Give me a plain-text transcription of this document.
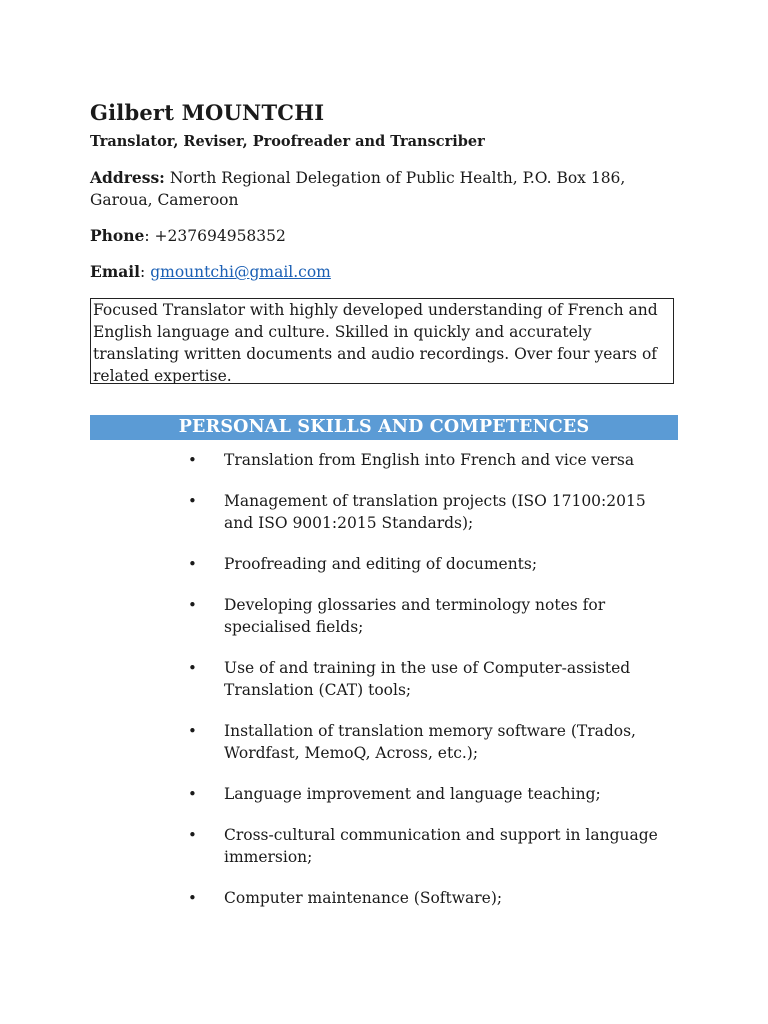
Gilbert MOUNTCHI
Translator, Reviser, Proofreader and Transcriber
Address: North Regional Delegation of Public Health, P.O. Box 186, Garoua, Cameroon
Phone: +237694958352
Email: gmountchi@gmail.com
Focused Translator with highly developed understanding of French and English language and culture. Skilled in quickly and accurately translating written documents and audio recordings. Over four years of related expertise.
PERSONAL SKILLS AND COMPETENCES
• Translation from English into French and vice versa
• Management of translation projects (ISO 17100:2015 and ISO 9001:2015 Standards);
• Proofreading and editing of documents;
• Developing glossaries and terminology notes for specialised fields;
• Use of and training in the use of Computer-assisted Translation (CAT) tools;
• Installation of translation memory software (Trados, Wordfast, MemoQ, Across, etc.);
• Language improvement and language teaching;
• Cross-cultural communication and support in language immersion;
• Computer maintenance (Software);
